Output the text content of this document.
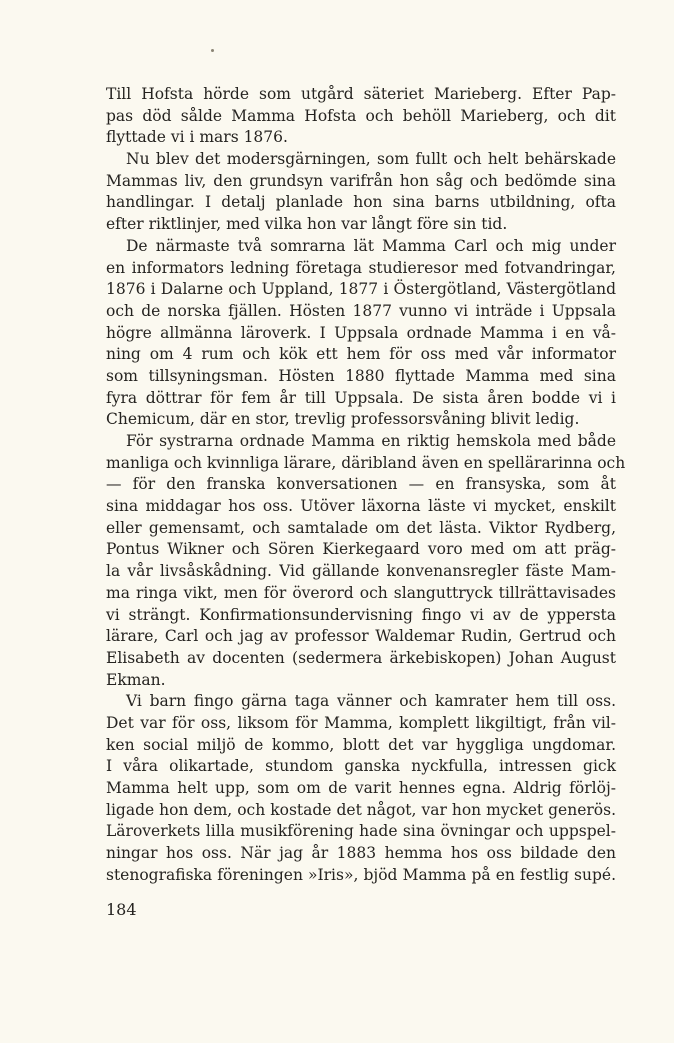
Till Hofsta hörde som utgård säteriet Marieberg. Efter Pap-
pas död sålde Mamma Hofsta och behöll Marieberg, och dit
flyttade vi i mars 1876.
Nu blev det modersgärningen, som fullt och helt behärskade
Mammas liv, den grundsyn varifrån hon såg och bedömde sina
handlingar. I detalj planlade hon sina barns utbildning, ofta
efter riktlinjer, med vilka hon var långt före sin tid.
De närmaste två somrarna lät Mamma Carl och mig under
en informators ledning företaga studieresor med fotvandringar,
1876 i Dalarne och Uppland, 1877 i Östergötland, Västergötland
och de norska fjällen. Hösten 1877 vunno vi inträde i Uppsala
högre allmänna läroverk. I Uppsala ordnade Mamma i en vå-
ning om 4 rum och kök ett hem för oss med vår informator
som tillsyningsman. Hösten 1880 flyttade Mamma med sina
fyra döttrar för fem år till Uppsala. De sista åren bodde vi i
Chemicum, där en stor, trevlig professorsvåning blivit ledig.
För systrarna ordnade Mamma en riktig hemskola med både
manliga och kvinnliga lärare, däribland även en spellärarinna och
— för den franska konversationen — en fransyska, som åt
sina middagar hos oss. Utöver läxorna läste vi mycket, enskilt
eller gemensamt, och samtalade om det lästa. Viktor Rydberg,
Pontus Wikner och Sören Kierkegaard voro med om att präg-
la vår livsåskådning. Vid gällande konvenansregler fäste Mam-
ma ringa vikt, men för överord och slanguttryck tillrättavisades
vi strängt. Konfirmationsundervisning fingo vi av de yppersta
lärare, Carl och jag av professor Waldemar Rudin, Gertrud och
Elisabeth av docenten (sedermera ärkebiskopen) Johan August
Ekman.
Vi barn fingo gärna taga vänner och kamrater hem till oss.
Det var för oss, liksom för Mamma, komplett likgiltigt, från vil-
ken social miljö de kommo, blott det var hyggliga ungdomar.
I våra olikartade, stundom ganska nyckfulla, intressen gick
Mamma helt upp, som om de varit hennes egna. Aldrig förlöj-
ligade hon dem, och kostade det något, var hon mycket generös.
Läroverkets lilla musikförening hade sina övningar och uppspel-
ningar hos oss. När jag år 1883 hemma hos oss bildade den
stenografiska föreningen »Iris», bjöd Mamma på en festlig supé.
184
